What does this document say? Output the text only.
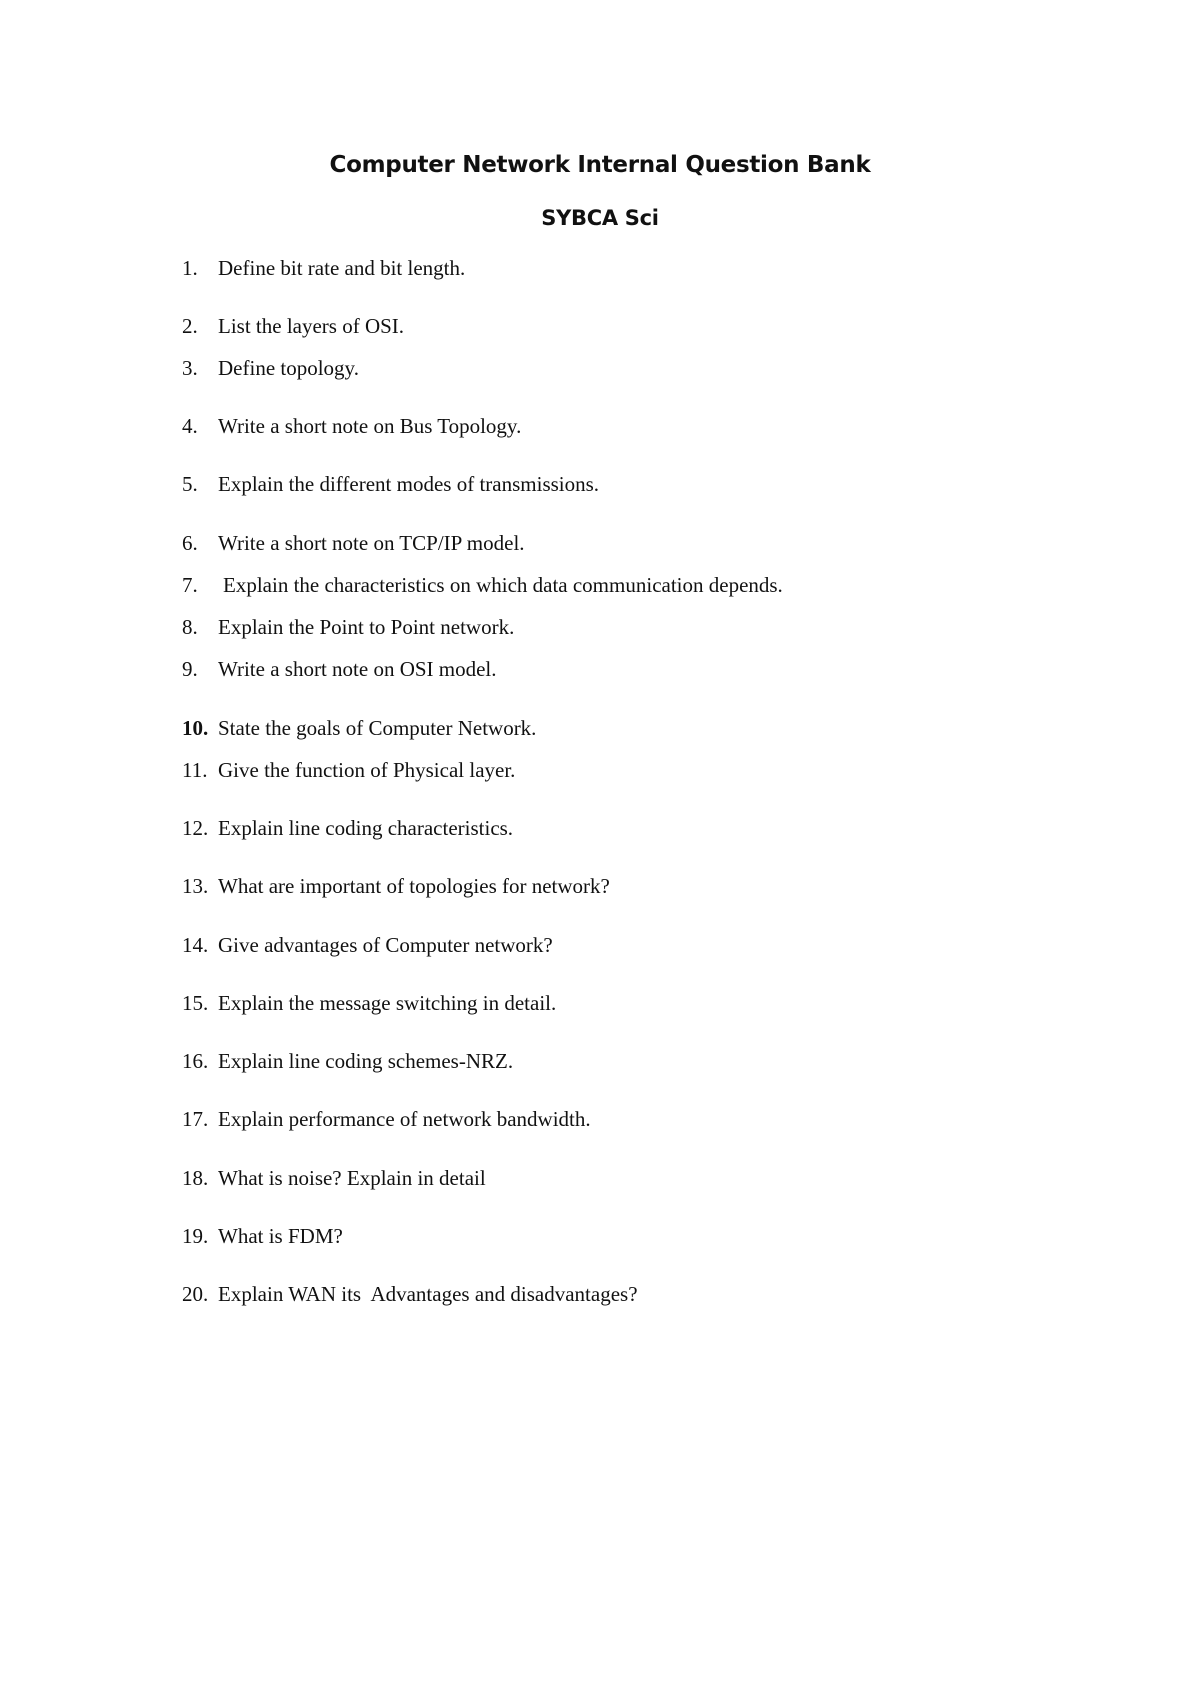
Computer Network Internal Question Bank
SYBCA Sci
1. Define bit rate and bit length.
2. List the layers of OSI.
3. Define topology.
4. Write a short note on Bus Topology.
5. Explain the different modes of transmissions.
6. Write a short note on TCP/IP model.
7. Explain the characteristics on which data communication depends.
8. Explain the Point to Point network.
9. Write a short note on OSI model.
10. State the goals of Computer Network.
11. Give the function of Physical layer.
12. Explain line coding characteristics.
13. What are important of topologies for network?
14. Give advantages of Computer network?
15. Explain the message switching in detail.
16. Explain line coding schemes-NRZ.
17. Explain performance of network bandwidth.
18. What is noise? Explain in detail
19. What is FDM?
20. Explain WAN its  Advantages and disadvantages?
